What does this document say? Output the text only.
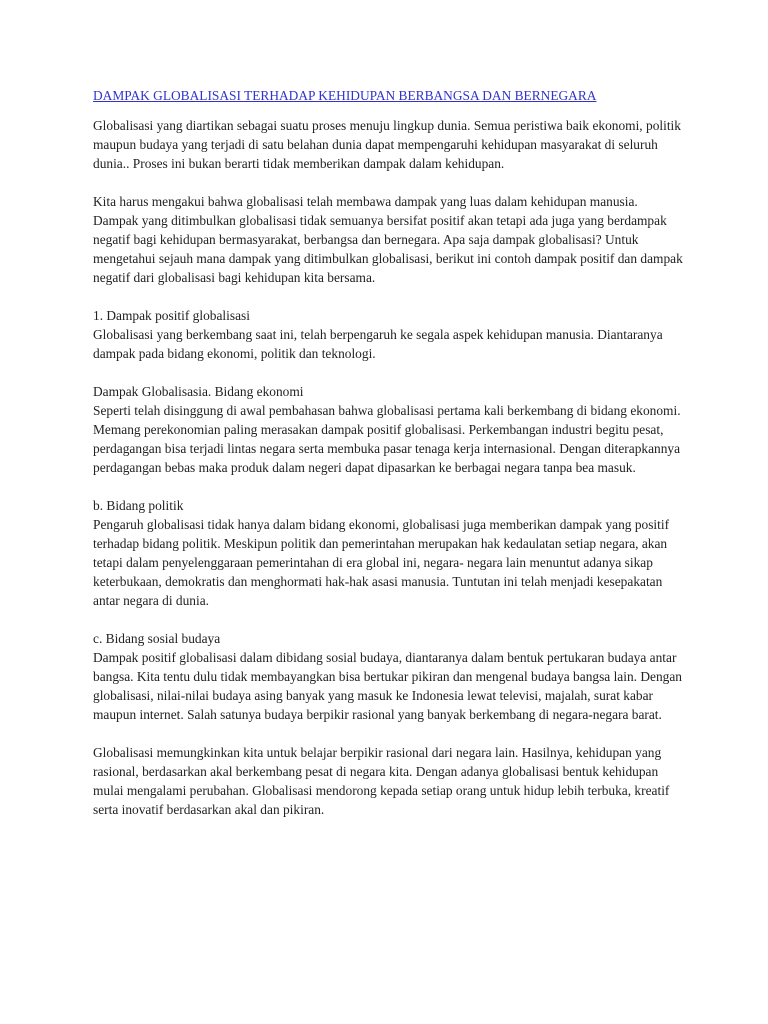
DAMPAK GLOBALISASI TERHADAP KEHIDUPAN BERBANGSA DAN BERNEGARA
Globalisasi yang diartikan sebagai suatu proses menuju lingkup dunia. Semua peristiwa baik ekonomi, politik maupun budaya yang terjadi di satu belahan dunia dapat mempengaruhi kehidupan masyarakat di seluruh dunia.. Proses ini bukan berarti tidak memberikan dampak dalam kehidupan.
Kita harus mengakui bahwa globalisasi telah membawa dampak yang luas dalam kehidupan manusia. Dampak yang ditimbulkan globalisasi tidak semuanya bersifat positif akan tetapi ada juga yang berdampak negatif bagi kehidupan bermasyarakat, berbangsa dan bernegara. Apa saja dampak globalisasi? Untuk mengetahui sejauh mana dampak yang ditimbulkan globalisasi, berikut ini contoh dampak positif dan dampak negatif dari globalisasi bagi kehidupan kita bersama.
1. Dampak positif globalisasi
Globalisasi yang berkembang saat ini, telah berpengaruh ke segala aspek kehidupan manusia. Diantaranya dampak pada bidang ekonomi, politik dan teknologi.
Dampak Globalisasia. Bidang ekonomi
Seperti telah disinggung di awal pembahasan bahwa globalisasi pertama kali berkembang di bidang ekonomi. Memang perekonomian paling merasakan dampak positif globalisasi. Perkembangan industri begitu pesat, perdagangan bisa terjadi lintas negara serta membuka pasar tenaga kerja internasional. Dengan diterapkannya perdagangan bebas maka produk dalam negeri dapat dipasarkan ke berbagai negara tanpa bea masuk.
b. Bidang politik
Pengaruh globalisasi tidak hanya dalam bidang ekonomi, globalisasi juga memberikan dampak yang positif terhadap bidang politik. Meskipun politik dan pemerintahan merupakan hak kedaulatan setiap negara, akan tetapi dalam penyelenggaraan pemerintahan di era global ini, negara- negara lain menuntut adanya sikap keterbukaan, demokratis dan menghormati hak-hak asasi manusia. Tuntutan ini telah menjadi kesepakatan antar negara di dunia.
c. Bidang sosial budaya
Dampak positif globalisasi dalam dibidang sosial budaya, diantaranya dalam bentuk pertukaran budaya antar bangsa. Kita tentu dulu tidak membayangkan bisa bertukar pikiran dan mengenal budaya bangsa lain. Dengan globalisasi, nilai-nilai budaya asing banyak yang masuk ke Indonesia lewat televisi, majalah, surat kabar maupun internet. Salah satunya budaya berpikir rasional yang banyak berkembang di negara-negara barat.
Globalisasi memungkinkan kita untuk belajar berpikir rasional dari negara lain. Hasilnya, kehidupan yang rasional, berdasarkan akal berkembang pesat di negara kita. Dengan adanya globalisasi bentuk kehidupan mulai mengalami perubahan. Globalisasi mendorong kepada setiap orang untuk hidup lebih terbuka, kreatif serta inovatif berdasarkan akal dan pikiran.
